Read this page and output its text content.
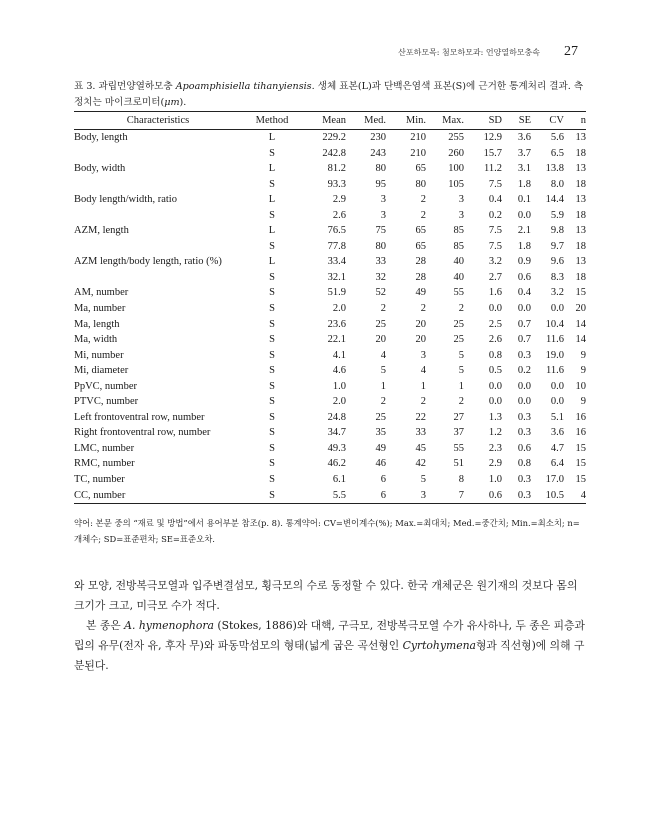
산포하모목: 첨모하모과: 언양열하모충속 27
표 3. 과립먼양열하모충 Apoamphisiella tihanyiensis. 생체 표본(L)과 단백은염색 표본(S)에 근거한 통계처리 결과. 측정치는 마이크로미터(μm).
Characteristics	Method	Mean	Med.	Min.	Max.	SD	SE	CV	n
Body, length	L	229.2	230	210	255	12.9	3.6	5.6	13
	S	242.8	243	210	260	15.7	3.7	6.5	18
Body, width	L	81.2	80	65	100	11.2	3.1	13.8	13
	S	93.3	95	80	105	7.5	1.8	8.0	18
Body length/width, ratio	L	2.9	3	2	3	0.4	0.1	14.4	13
	S	2.6	3	2	3	0.2	0.0	5.9	18
AZM, length	L	76.5	75	65	85	7.5	2.1	9.8	13
	S	77.8	80	65	85	7.5	1.8	9.7	18
AZM length/body length, ratio (%)	L	33.4	33	28	40	3.2	0.9	9.6	13
	S	32.1	32	28	40	2.7	0.6	8.3	18
AM, number	S	51.9	52	49	55	1.6	0.4	3.2	15
Ma, number	S	2.0	2	2	2	0.0	0.0	0.0	20
Ma, length	S	23.6	25	20	25	2.5	0.7	10.4	14
Ma, width	S	22.1	20	20	25	2.6	0.7	11.6	14
Mi, number	S	4.1	4	3	5	0.8	0.3	19.0	9
Mi, diameter	S	4.6	5	4	5	0.5	0.2	11.6	9
PpVC, number	S	1.0	1	1	1	0.0	0.0	0.0	10
PTVC, number	S	2.0	2	2	2	0.0	0.0	0.0	9
Left frontoventral row, number	S	24.8	25	22	27	1.3	0.3	5.1	16
Right frontoventral row, number	S	34.7	35	33	37	1.2	0.3	3.6	16
LMC, number	S	49.3	49	45	55	2.3	0.6	4.7	15
RMC, number	S	46.2	46	42	51	2.9	0.8	6.4	15
TC, number	S	6.1	6	5	8	1.0	0.3	17.0	15
CC, number	S	5.5	6	3	7	0.6	0.3	10.5	4
약어: 본문 중의 “재료 및 방법”에서 용어부분 참조(p. 8). 통계약어: CV=변이계수(%); Max.=최대치; Med.=중간치; Min.=최소치; n=개체수; SD=표준편차; SE=표준오차.

와 모양, 전방복극모열과 입주변결섬모, 횡극모의 수로 동정할 수 있다. 한국 개체군은 원기재의 것보다 몸의 크기가 크고, 미극모 수가 적다.

본 종은 A. hymenophora (Stokes, 1886)와 대핵, 구극모, 전방복극모열 수가 유사하나, 두 종은 피층과립의 유무(전자 유, 후자 무)와 파동막섬모의 형태(넓게 굽은 곡선형인 Cyrtohymena형과 직선형)에 의해 구분된다.
